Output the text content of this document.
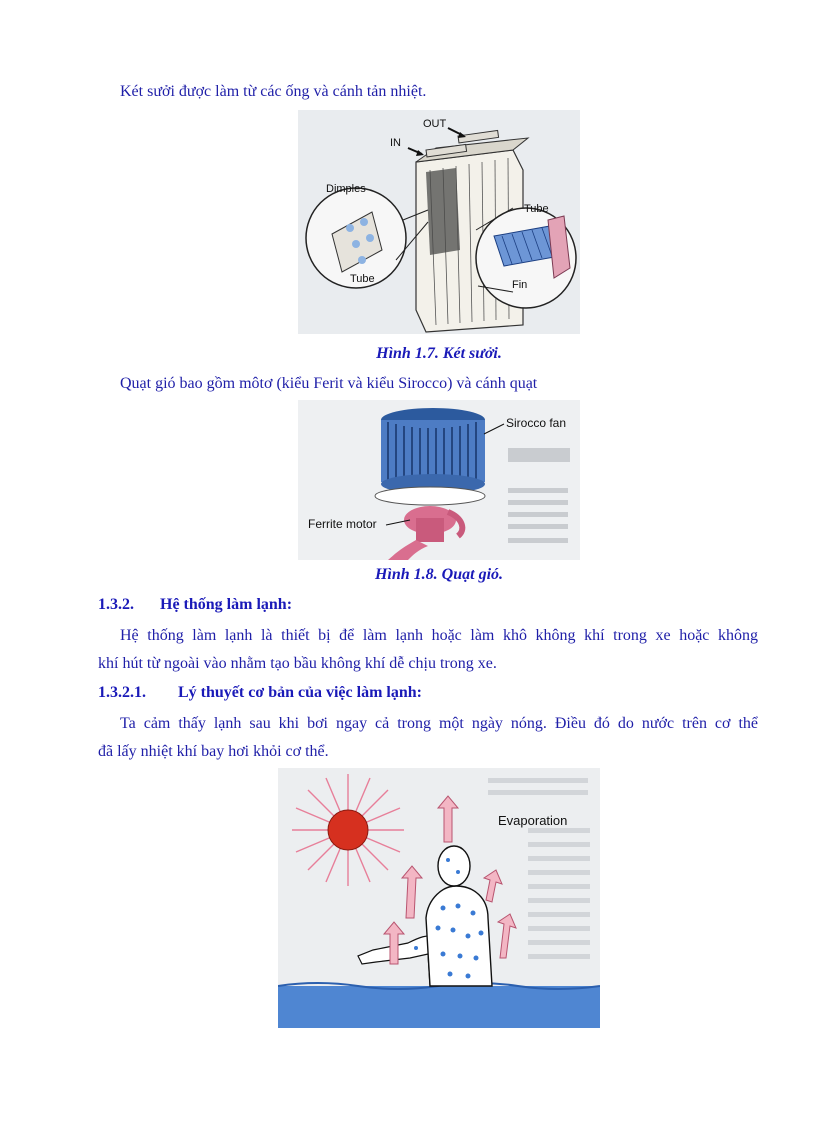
Két sưởi được làm từ các ống và cánh tản nhiệt.
OUT
IN
Dimples
Tube
Tube
Fin
Hình 1.7. Két sưởi.
Quạt gió bao gồm môtơ (kiểu Ferit và kiểu Sirocco) và cánh quạt
Sirocco fan
Ferrite motor
Hình 1.8. Quạt gió.
1.3.2. Hệ thống làm lạnh:
Hệ thống làm lạnh là thiết bị để làm lạnh hoặc làm khô không khí trong xe hoặc không
khí hút từ ngoài vào nhằm tạo bầu không khí dễ chịu trong xe.
1.3.2.1. Lý thuyết cơ bản của việc làm lạnh:
Ta cảm thấy lạnh sau khi bơi ngay cả trong một ngày nóng. Điều đó do nước trên cơ thể
đã lấy nhiệt khí bay hơi khỏi cơ thể.
Evaporation
